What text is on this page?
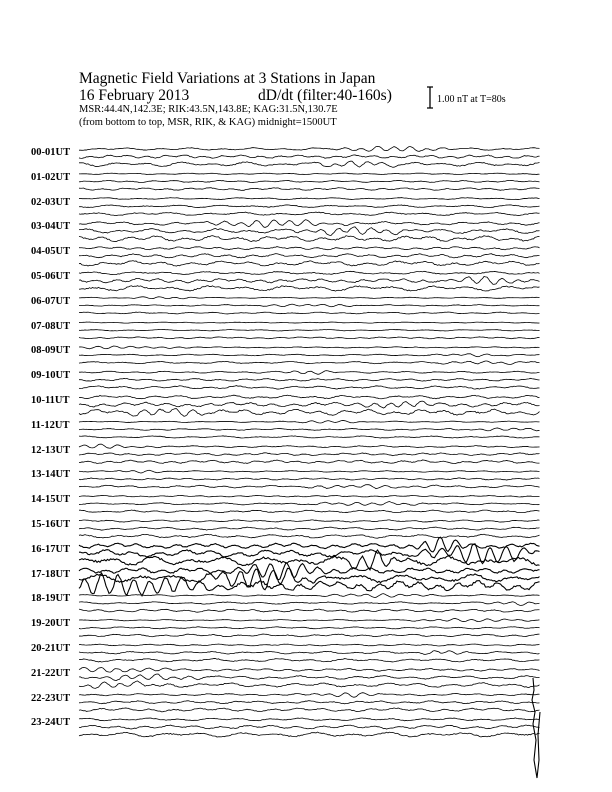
Magnetic Field Variations at 3 Stations in Japan
16 February 2013	dD/dt (filter:40-160s)
MSR:44.4N,142.3E; RIK:43.5N,143.8E; KAG:31.5N,130.7E
(from bottom to top, MSR, RIK, & KAG) midnight=1500UT
1.00 nT at T=80s
00-01UT
01-02UT
02-03UT
03-04UT
04-05UT
05-06UT
06-07UT
07-08UT
08-09UT
09-10UT
10-11UT
11-12UT
12-13UT
13-14UT
14-15UT
15-16UT
16-17UT
17-18UT
18-19UT
19-20UT
20-21UT
21-22UT
22-23UT
23-24UT
